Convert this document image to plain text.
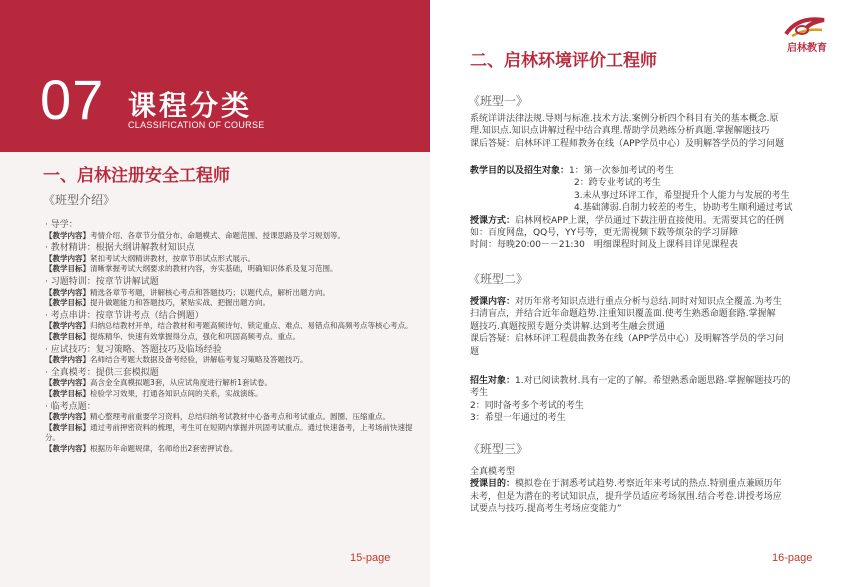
07 课程分类
CLASSIFICATION OF COURSE
一、启林注册安全工程师
《班型介绍》
· 导学：
【教学内容】考情介绍、各章节分值分布、命题模式、命题范围、授课思路及学习规划等。
· 教材精讲：根据大纲讲解教材知识点
【教学内容】紧扣考试大纲精讲教材，按章节串试点形式展示。
【教学目标】清晰掌握考试大纲要求的教材内容，夯实基础，明确知识体系及复习范围。
· 习题特训：按章节讲解试题
【教学内容】精选各章节考题，讲解核心考点和答题技巧；以题代点，解析出题方向。
【教学目标】提升做题能力和答题技巧，紧贴实战、把握出题方向。
· 考点串讲：按章节讲考点（结合例题）
【教学内容】归纳总结教材开单，结合教材和考题高频诗句、锁定重点、难点、易错点和高频考点等核心考点。
【教学目标】提炼精华、快速有效掌握得分点，强化和巩固高频考点、重点。
· 应试技巧：复习策略、答题技巧及临场经验
【教学内容】名师结合考题大数据及备考经验，讲解临考复习策略及答题技巧。
· 全真模考：提供三套模拟题
【教学内容】高含金全真模拟题3套，从应试角度进行解析1套试卷。
【教学目标】检验学习效果，打通各知识点间的关系，实战演练。
· 临考点题：
【教学内容】精心整理考前重要学习资料，总结归纳考试教材中心备考点和考试重点。圆圈、压缩重点。
【教学目标】通过考前押密资料的梳理，考生可在短期内掌握并巩固考试重点。通过快速备考，上考场前快速提分。
【教学内容】根据历年命题规律，名师给出2套密押试卷。
15-page
启林教育
二、启林环境评价工程师
《班型一》
系统详讲法律法规.导则与标准.技术方法.案例分析四个科目有关的基本概念.原
理.知识点.知识点讲解过程中结合真理.帮助学员熟练分析真题.掌握解题技巧
课后答疑：启林环评工程师教务在线（APP学员中心）及明解答学员的学习问题
教学目的以及招生对象：1：第一次参加考试的考生
2：跨专业考试的考生
3.未从事过环评工作，希望提升个人能力与发展的考生
4.基础薄弱.自制力较差的考生，协助考生顺利通过考试
授课方式：启林网校APP上课，学员通过下载注册直接使用。无需要其它的任例
如：百度网盘，QQ号，YY号等，更无需视频下载等烦杂的学习屏障
时间：每晚20:00－－21:30　明细课程时间及上课科目详见课程表
《班型二》
授课内容：对历年常考知识点进行重点分析与总结.同时对知识点全覆盖.为考生
扫清盲点，并结合近年命题趋势.注重知识覆盖面.使考生熟悉命题套路.掌握解
题技巧.真题按照专题分类讲解.达到考生融会贯通
课后答疑：启林环评工程晨曲教务在线（APP学员中心）及明解答学员的学习问
题
招生对象：1.对已阅读教材.具有一定的了解。希望熟悉命题思路.掌握解题技巧的
考生
2：同时备考多个考试的考生
3：希望一年通过的考生
《班型三》
全真模考型
授课目的：模拟卷在于洞悉考试趋势.考察近年来考试的热点.特别重点兼顾历年
未考，但是为潜在的考试知识点，提升学员适应考场氛围.结合考卷.讲授考场应
试要点与技巧.提高考生考场应变能力”
16-page
